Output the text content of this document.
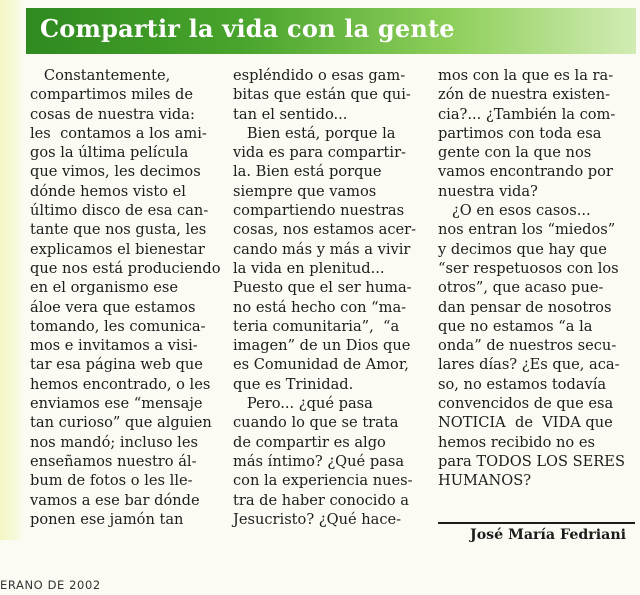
Compartir la vida con la gente
Constantemente,
compartimos miles de
cosas de nuestra vida:
les  contamos a los ami-
gos la última película
que vimos, les decimos
dónde hemos visto el
último disco de esa can-
tante que nos gusta, les
explicamos el bienestar
que nos está produciendo
en el organismo ese
áloe vera que estamos
tomando, les comunica-
mos e invitamos a visi-
tar esa página web que
hemos encontrado, o les
enviamos ese “mensaje
tan curioso” que alguien
nos mandó; incluso les
enseñamos nuestro ál-
bum de fotos o les lle-
vamos a ese bar dónde
ponen ese jamón tan
espléndido o esas gam-
bitas que están que qui-
tan el sentido...
Bien está, porque la
vida es para compartir-
la. Bien está porque
siempre que vamos
compartiendo nuestras
cosas, nos estamos acer-
cando más y más a vivir
la vida en plenitud...
Puesto que el ser huma-
no está hecho con “ma-
teria comunitaria”,  “a
imagen” de un Dios que
es Comunidad de Amor,
que es Trinidad.
Pero... ¿qué pasa
cuando lo que se trata
de compartir es algo
más íntimo? ¿Qué pasa
con la experiencia nues-
tra de haber conocido a
Jesucristo? ¿Qué hace-
mos con la que es la ra-
zón de nuestra existen-
cia?... ¿También la com-
partimos con toda esa
gente con la que nos
vamos encontrando por
nuestra vida?
¿O en esos casos...
nos entran los “miedos”
y decimos que hay que
“ser respetuosos con los
otros”, que acaso pue-
dan pensar de nosotros
que no estamos “a la
onda” de nuestros secu-
lares días? ¿Es que, aca-
so, no estamos todavía
convencidos de que esa
NOTICIA  de  VIDA que
hemos recibido no es
para TODOS LOS SERES
HUMANOS?
José María Fedriani
ERANO DE 2002
